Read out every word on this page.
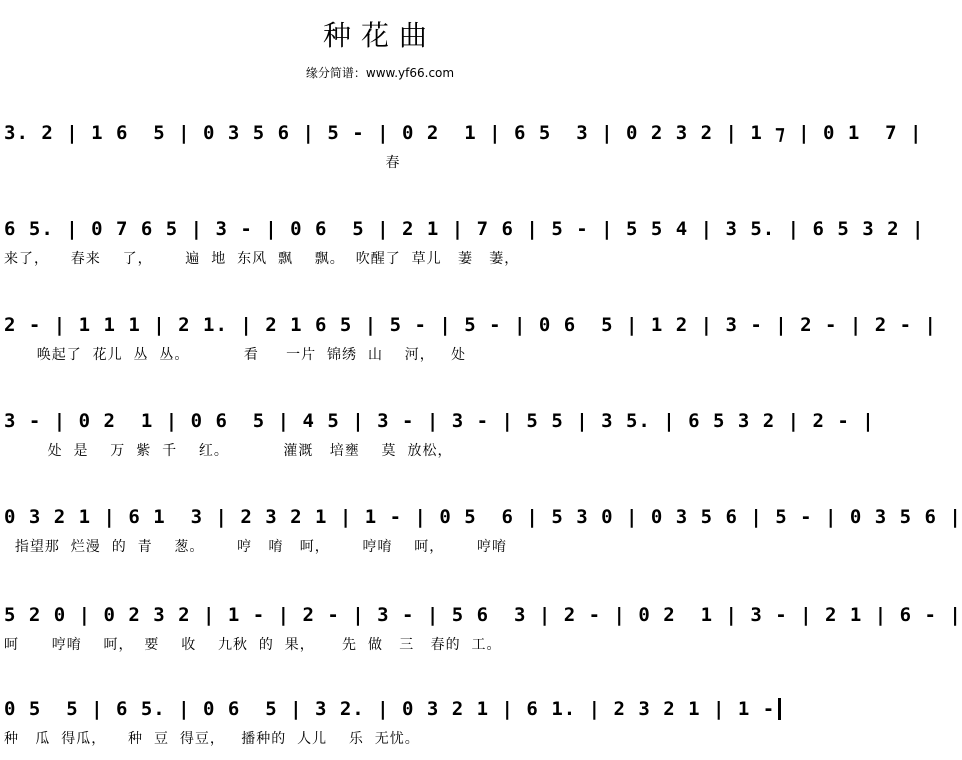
种花曲
缘分简谱：www.yf66.com
3. 2 | 1 6  5 | 0 3 5 6 | 5 - | 0 2  1 | 6 5  3 | 0 2 3 2 | 1 ⁊ | 0 1  7 |
春
6 5. | 0 7 6 5 | 3 - | 0 6  5 | 2 1 | 7 6 | 5 - | 5 5 4 | 3 5. | 6 5 3 2 |
来了，    春来    了，      遍  地  东风  飘    飘。  吹醒了  草儿   萋   萋，
2 - | 1 1 1 | 2 1. | 2 1 6 5 | 5 - | 5 - | 0 6  5 | 1 2 | 3 - | 2 - | 2 - |
唤起了  花儿  丛  丛。          看     一片  锦绣  山    河，   处
3 - | 0 2  1 | 0 6  5 | 4 5 | 3 - | 3 - | 5 5 | 3 5. | 6 5 3 2 | 2 - |
处  是    万  紫  千    红。          灌溉   培壅    莫  放松，
0 3 2 1 | 6 1  3 | 2 3 2 1 | 1 - | 0 5  6 | 5 3 0 | 0 3 5 6 | 5 - | 0 3 5 6 |
指望那  烂漫  的  青    葱。      哼   唷   呵，      哼唷    呵，      哼唷
5 2 0 | 0 2 3 2 | 1 - | 2 - | 3 - | 5 6  3 | 2 - | 0 2  1 | 3 - | 2 1 | 6 - |
呵      哼唷    呵，  要    收    九秋  的  果，     先  做   三   春的  工。
0 5  5 | 6 5. | 0 6  5 | 3 2. | 0 3 2 1 | 6 1. | 2 3 2 1 | 1 -
种   瓜  得瓜，    种  豆  得豆，   播种的  人儿    乐  无忧。
